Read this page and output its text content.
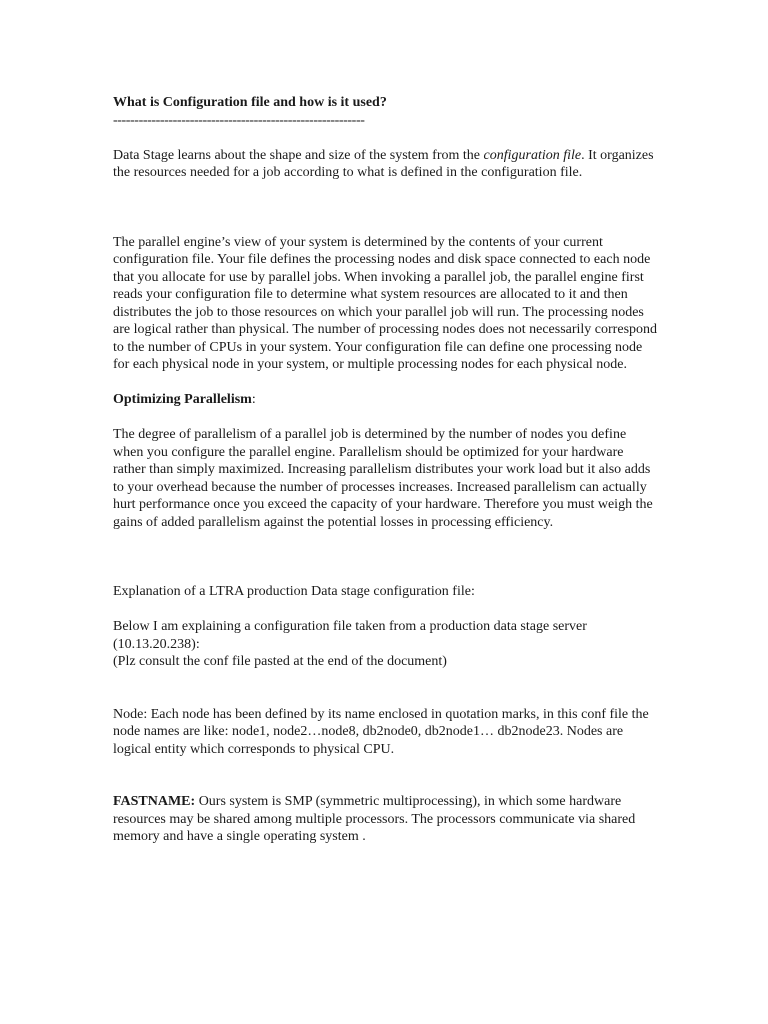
What is Configuration file and how is it used?

-----------------------------------------------------------

Data Stage learns about the shape and size of the system from the configuration file. It organizes the resources needed for a job according to what is defined in the configuration file.

The parallel engine’s view of your system is determined by the contents of your current configuration file. Your file defines the processing nodes and disk space connected to each node that you allocate for use by parallel jobs. When invoking a parallel job, the parallel engine first reads your configuration file to determine what system resources are allocated to it and then distributes the job to those resources on which your parallel job will run. The processing nodes are logical rather than physical. The number of processing nodes does not necessarily correspond to the number of CPUs in your system. Your configuration file can define one processing node for each physical node in your system, or multiple processing nodes for each physical node.

Optimizing Parallelism:

The degree of parallelism of a parallel job is determined by the number of nodes you define when you configure the parallel engine. Parallelism should be optimized for your hardware rather than simply maximized. Increasing parallelism distributes your work load but it also adds to your overhead because the number of processes increases. Increased parallelism can actually hurt performance once you exceed the capacity of your hardware. Therefore you must weigh the gains of added parallelism against the potential losses in processing efficiency.

Explanation of a LTRA production Data stage configuration file:

Below I am explaining a configuration file taken from a production data stage server (10.13.20.238):

(Plz consult the conf file pasted at the end of the document)

Node: Each node has been defined by its name enclosed in quotation marks, in this conf file the node names are like: node1, node2…node8, db2node0, db2node1… db2node23. Nodes are logical entity which corresponds to physical CPU.

FASTNAME: Ours system is SMP (symmetric multiprocessing), in which some hardware resources may be shared among multiple processors. The processors communicate via shared memory and have a single operating system .
